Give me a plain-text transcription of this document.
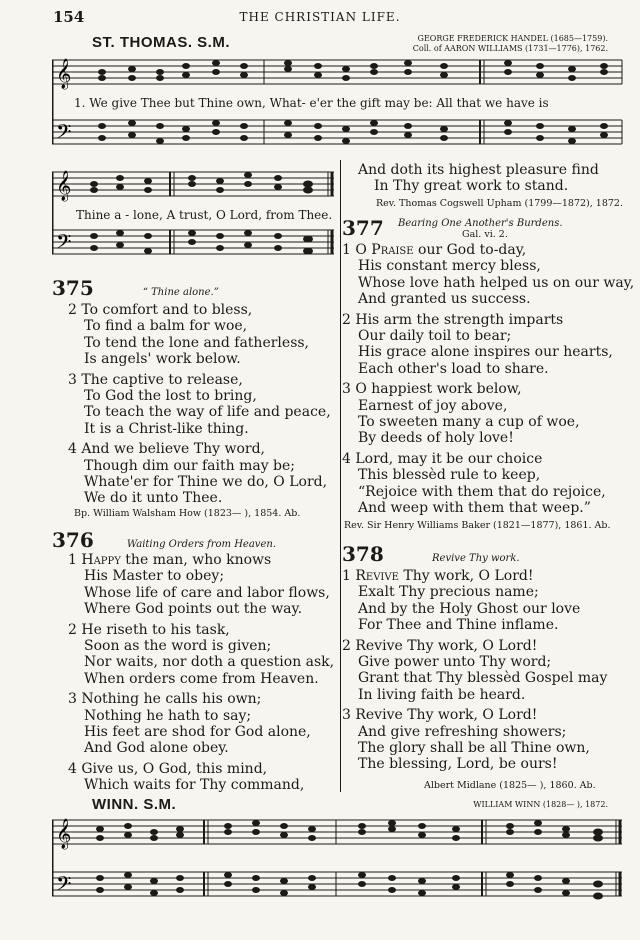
154	THE CHRISTIAN LIFE.
ST. THOMAS. S.M.	GEORGE FREDERICK HANDEL (1685—1759).
Coll. of AARON WILLIAMS (1731—1776), 1762.
𝄞
𝄢
1. We give Thee but Thine own, What- e'er the gift may be: All that we have is
𝄞
𝄢
Thine a - lone, A trust, O Lord, from Thee.
375	“ Thine alone.”
2 To comfort and to bless,
To find a balm for woe,
To tend the lone and fatherless,
Is angels' work below.
3 The captive to release,
To God the lost to bring,
To teach the way of life and peace,
It is a Christ-like thing.
4 And we believe Thy word,
Though dim our faith may be;
Whate'er for Thine we do, O Lord,
We do it unto Thee.
Bp. William Walsham How (1823— ), 1854. Ab.
376	Waiting Orders from Heaven.
1 Happy the man, who knows
His Master to obey;
Whose life of care and labor flows,
Where God points out the way.
2 He riseth to his task,
Soon as the word is given;
Nor waits, nor doth a question ask,
When orders come from Heaven.
3 Nothing he calls his own;
Nothing he hath to say;
His feet are shod for God alone,
And God alone obey.
4 Give us, O God, this mind,
Which waits for Thy command,
And doth its highest pleasure find
In Thy great work to stand.
Rev. Thomas Cogswell Upham (1799—1872), 1872.
377 Bearing One Another's Burdens.
Gal. vi. 2.
1 O Praise our God to-day,
His constant mercy bless,
Whose love hath helped us on our way,
And granted us success.
2 His arm the strength imparts
Our daily toil to bear;
His grace alone inspires our hearts,
Each other's load to share.
3 O happiest work below,
Earnest of joy above,
To sweeten many a cup of woe,
By deeds of holy love!
4 Lord, may it be our choice
This blessèd rule to keep,
“Rejoice with them that do rejoice,
And weep with them that weep.”
Rev. Sir Henry Williams Baker (1821—1877), 1861. Ab.
378	Revive Thy work.
1 Revive Thy work, O Lord!
Exalt Thy precious name;
And by the Holy Ghost our love
For Thee and Thine inflame.
2 Revive Thy work, O Lord!
Give power unto Thy word;
Grant that Thy blessèd Gospel may
In living faith be heard.
3 Revive Thy work, O Lord!
And give refreshing showers;
The glory shall be all Thine own,
The blessing, Lord, be ours!
Albert Midlane (1825— ), 1860. Ab.
WINN. S.M.	WILLIAM WINN (1828— ), 1872.
𝄞
𝄢
